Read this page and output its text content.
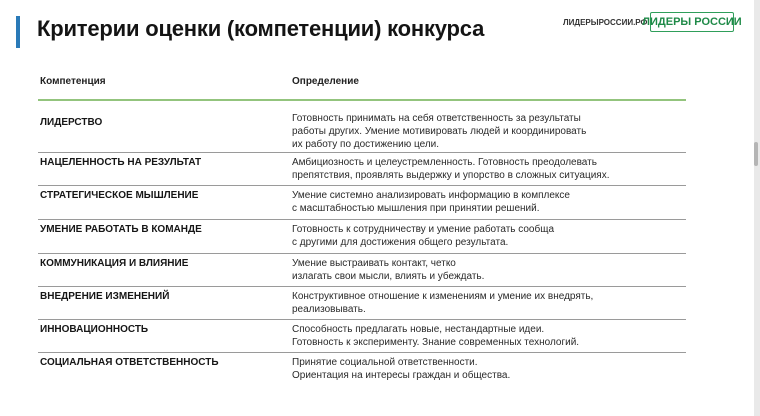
Критерии оценки (компетенции) конкурса	ЛИДЕРЫРОССИИ.РФ
ЛИДЕРЫ РОССИИ
Компетенция	Определение
ЛИДЕРСТВО	Готовность принимать на себя ответственность за результаты
работы других. Умение мотивировать людей и координировать
их работу по достижению цели.
НАЦЕЛЕННОСТЬ НА РЕЗУЛЬТАТ	Амбициозность и целеустремленность. Готовность преодолевать
препятствия, проявлять выдержку и упорство в сложных ситуациях.
СТРАТЕГИЧЕСКОЕ МЫШЛЕНИЕ	Умение системно анализировать информацию в комплексе
с масштабностью мышления при принятии решений.
УМЕНИЕ РАБОТАТЬ В КОМАНДЕ	Готовность к сотрудничеству и умение работать сообща
с другими для достижения общего результата.
КОММУНИКАЦИЯ И ВЛИЯНИЕ	Умение выстраивать контакт, четко
излагать свои мысли, влиять и убеждать.
ВНЕДРЕНИЕ ИЗМЕНЕНИЙ	Конструктивное отношение к изменениям и умение их внедрять,
реализовывать.
ИННОВАЦИОННОСТЬ	Способность предлагать новые, нестандартные идеи.
Готовность к эксперименту. Знание современных технологий.
СОЦИАЛЬНАЯ ОТВЕТСТВЕННОСТЬ	Принятие социальной ответственности.
Ориентация на интересы граждан и общества.
